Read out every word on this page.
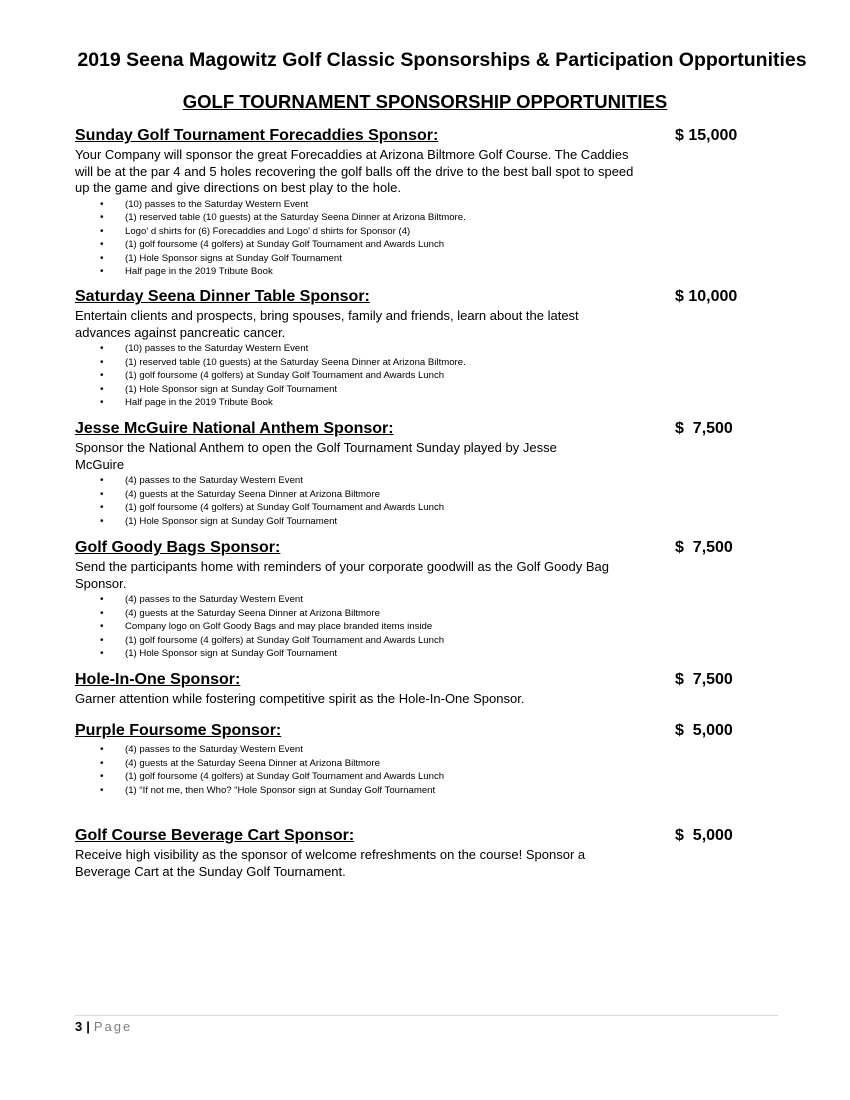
2019 Seena Magowitz Golf Classic Sponsorships & Participation Opportunities
GOLF TOURNAMENT SPONSORSHIP OPPORTUNITIES
Sunday Golf Tournament Forecaddies Sponsor:	$ 15,000
Your Company will sponsor the great Forecaddies at Arizona Biltmore Golf Course. The Caddies will be at the par 4 and 5 holes recovering the golf balls off the drive to the best ball spot to speed up the game and give directions on best play to the hole.
• (10) passes to the Saturday Western Event
• (1) reserved table (10 guests) at the Saturday Seena Dinner at Arizona Biltmore.
• Logo' d shirts for (6) Forecaddies and Logo' d shirts for Sponsor (4)
• (1) golf foursome (4 golfers) at Sunday Golf Tournament and Awards Lunch
• (1) Hole Sponsor signs at Sunday Golf Tournament
• Half page in the 2019 Tribute Book
Saturday Seena Dinner Table Sponsor:	$ 10,000
Entertain clients and prospects, bring spouses, family and friends, learn about the latest advances against pancreatic cancer.
• (10) passes to the Saturday Western Event
• (1) reserved table (10 guests) at the Saturday Seena Dinner at Arizona Biltmore.
• (1) golf foursome (4 golfers) at Sunday Golf Tournament and Awards Lunch
• (1) Hole Sponsor sign at Sunday Golf Tournament
• Half page in the 2019 Tribute Book
Jesse McGuire National Anthem Sponsor:	$  7,500
Sponsor the National Anthem to open the Golf Tournament Sunday played by Jesse McGuire
• (4) passes to the Saturday Western Event
• (4) guests at the Saturday Seena Dinner at Arizona Biltmore
• (1) golf foursome (4 golfers) at Sunday Golf Tournament and Awards Lunch
• (1) Hole Sponsor sign at Sunday Golf Tournament
Golf Goody Bags Sponsor:	$  7,500
Send the participants home with reminders of your corporate goodwill as the Golf Goody Bag Sponsor.
• (4) passes to the Saturday Western Event
• (4) guests at the Saturday Seena Dinner at Arizona Biltmore
• Company logo on Golf Goody Bags and may place branded items inside
• (1) golf foursome (4 golfers) at Sunday Golf Tournament and Awards Lunch
• (1) Hole Sponsor sign at Sunday Golf Tournament
Hole-In-One Sponsor:	$  7,500
Garner attention while fostering competitive spirit as the Hole-In-One Sponsor.
Purple Foursome Sponsor:	$  5,000
• (4) passes to the Saturday Western Event
• (4) guests at the Saturday Seena Dinner at Arizona Biltmore
• (1) golf foursome (4 golfers) at Sunday Golf Tournament and Awards Lunch
• (1) “If not me, then Who? “Hole Sponsor sign at Sunday Golf Tournament
Golf Course Beverage Cart Sponsor:	$  5,000
Receive high visibility as the sponsor of welcome refreshments on the course! Sponsor a Beverage Cart at the Sunday Golf Tournament.
3 | Page
